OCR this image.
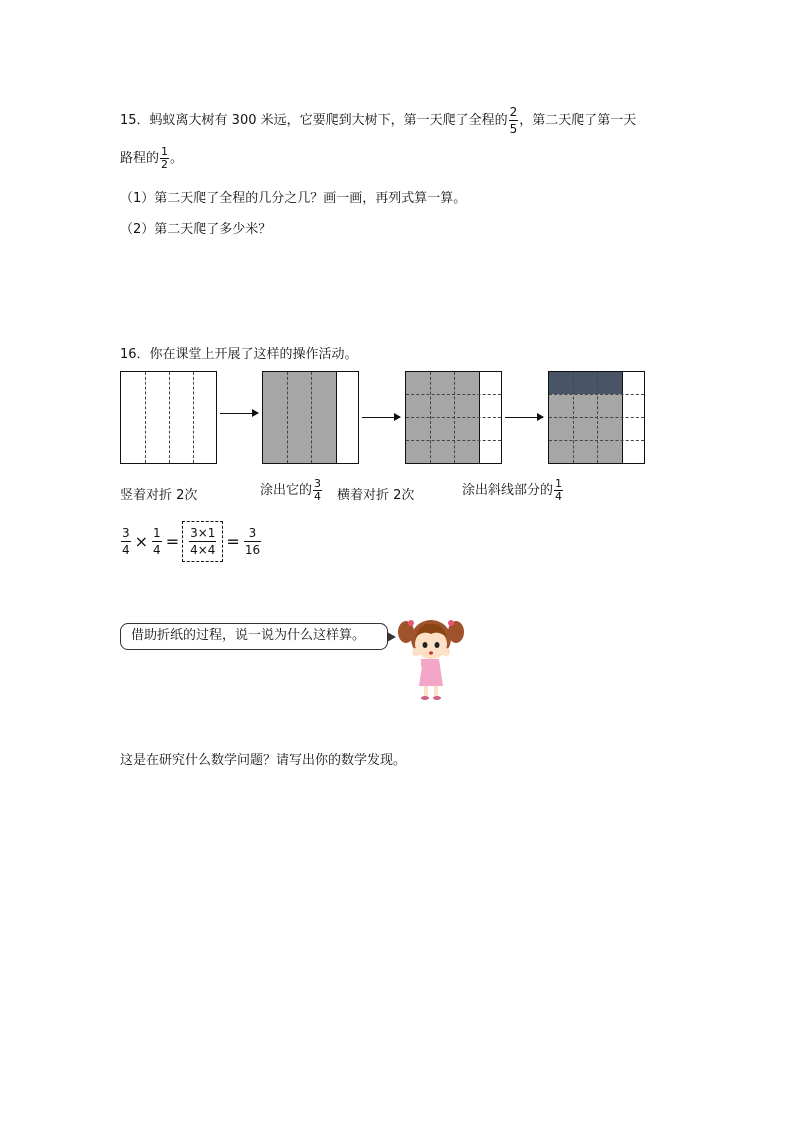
15．蚂蚁离大树有 300 米远，它要爬到大树下，第一天爬了全程的 $\frac{2}{5}$ ，第二天爬了第一天
路程的 $\frac{1}{2}$ 。
（1）第二天爬了全程的几分之几？画一画，再列式算一算。
（2）第二天爬了多少米？
16．你在课堂上开展了这样的操作活动。
竖着对折 2次	涂出它的 $\frac{3}{4}$ 横着对折 2次	涂出斜线部分的 $\frac{1}{4}$
$\frac{3}{4} \times \frac{1}{4} = \frac{3\times 1}{4\times 4} = \frac{3}{16}$
借助折纸的过程，说一说为什么这样算。
这是在研究什么数学问题？请写出你的数学发现。
